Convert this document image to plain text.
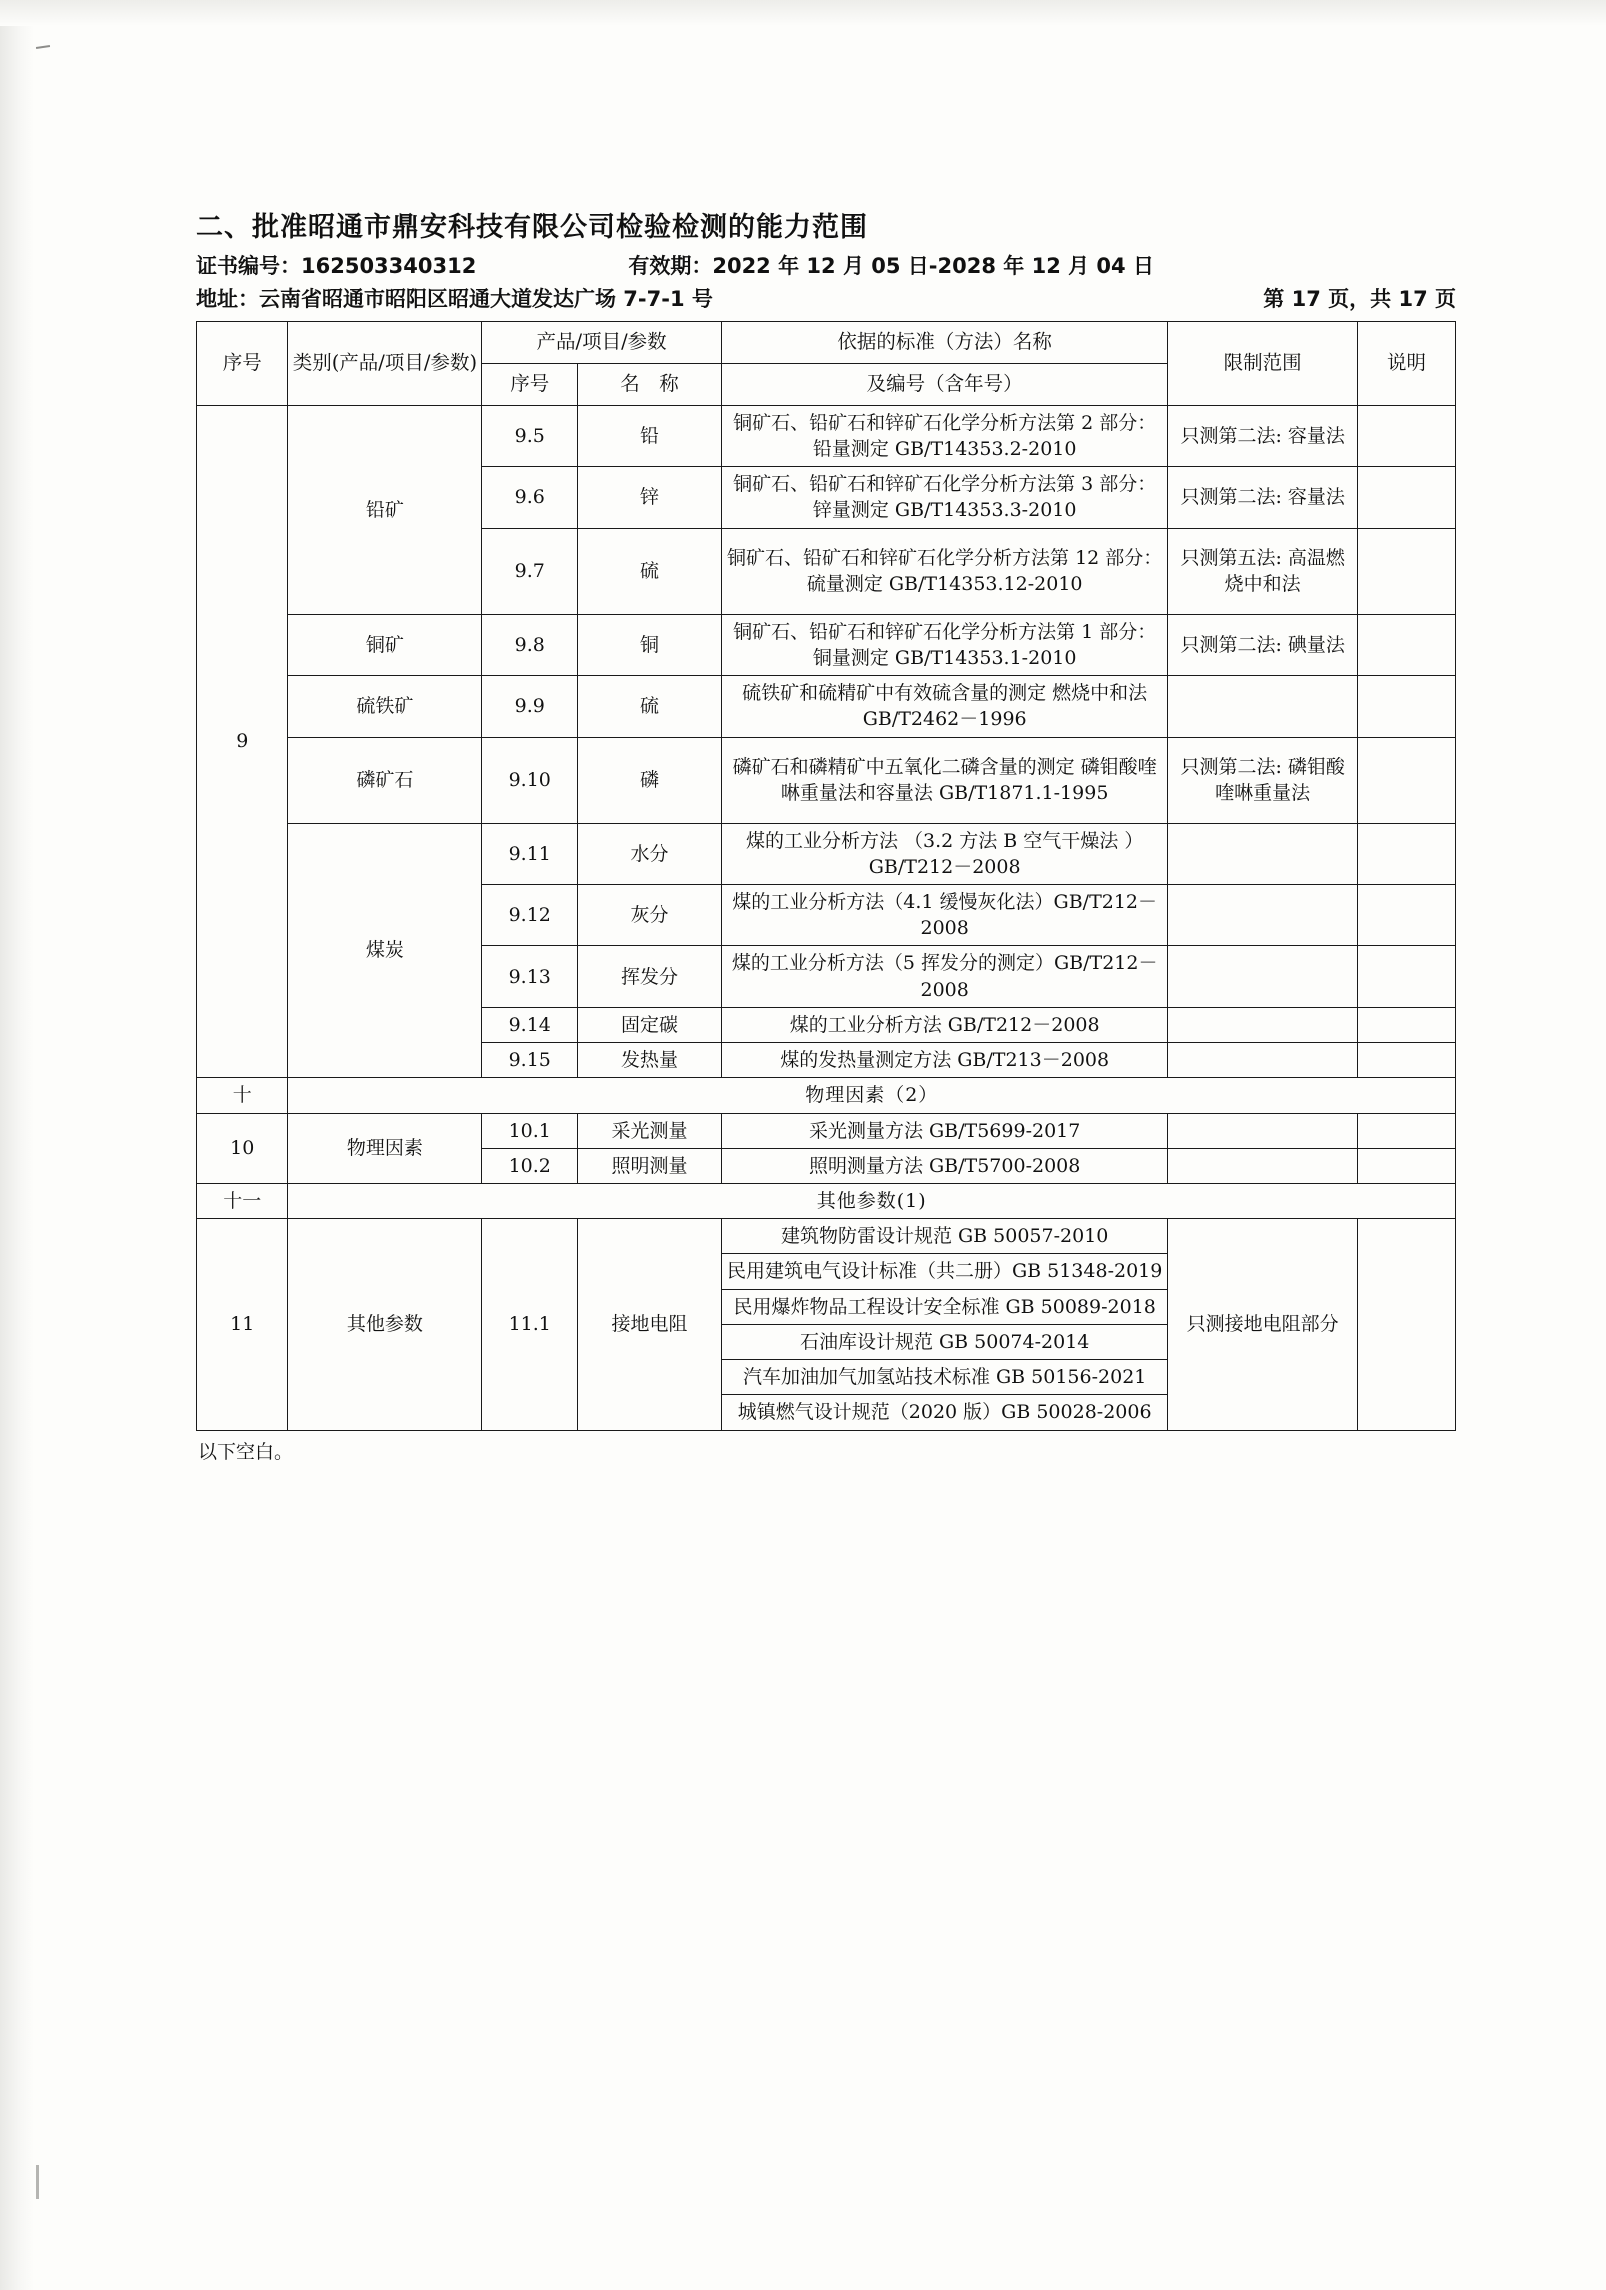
二、批准昭通市鼎安科技有限公司检验检测的能力范围
证书编号： 162503340312	有效期： 2022 年 12 月 05 日-2028 年 12 月 04 日
地址： 云南省昭通市昭阳区昭通大道发达广场 7-7-1 号	第 17 页，共 17 页
序号	类别(产品/项目/参数)	产品/项目/参数		依据的标准（方法）名称	限制范围	说明
		序号	名　称	及编号（含年号）		
9	铅矿	9.5	铅	铜矿石、铅矿石和锌矿石化学分析方法第 2 部分：铅量测定 GB/T14353.2-2010	只测第二法: 容量法	
		9.6	锌	铜矿石、铅矿石和锌矿石化学分析方法第 3 部分：锌量测定 GB/T14353.3-2010	只测第二法: 容量法	
		9.7	硫	铜矿石、铅矿石和锌矿石化学分析方法第 12 部分：硫量测定 GB/T14353.12-2010	只测第五法: 高温燃烧中和法	
	铜矿	9.8	铜	铜矿石、铅矿石和锌矿石化学分析方法第 1 部分：铜量测定 GB/T14353.1-2010	只测第二法: 碘量法	
	硫铁矿	9.9	硫	硫铁矿和硫精矿中有效硫含量的测定 燃烧中和法 GB/T2462－1996		
	磷矿石	9.10	磷	磷矿石和磷精矿中五氧化二磷含量的测定 磷钼酸喹啉重量法和容量法 GB/T1871.1-1995	只测第二法: 磷钼酸喹啉重量法	
	煤炭	9.11	水分	煤的工业分析方法 （3.2 方法 B 空气干燥法 ）GB/T212－2008		
		9.12	灰分	煤的工业分析方法（4.1 缓慢灰化法）GB/T212－2008		
		9.13	挥发分	煤的工业分析方法（5 挥发分的测定）GB/T212－2008		
		9.14	固定碳	煤的工业分析方法 GB/T212－2008		
		9.15	发热量	煤的发热量测定方法 GB/T213－2008		
十	物理因素（2）					
10	物理因素	10.1	采光测量	采光测量方法 GB/T5699-2017		
		10.2	照明测量	照明测量方法 GB/T5700-2008		
十一	其他参数(1)					
11	其他参数	11.1	接地电阻	建筑物防雷设计规范 GB 50057-2010	只测接地电阻部分	
				民用建筑电气设计标准（共二册）GB 51348-2019		
				民用爆炸物品工程设计安全标准 GB 50089-2018		
				石油库设计规范 GB 50074-2014		
				汽车加油加气加氢站技术标准 GB 50156-2021		
				城镇燃气设计规范（2020 版）GB 50028-2006		
以下空白。
